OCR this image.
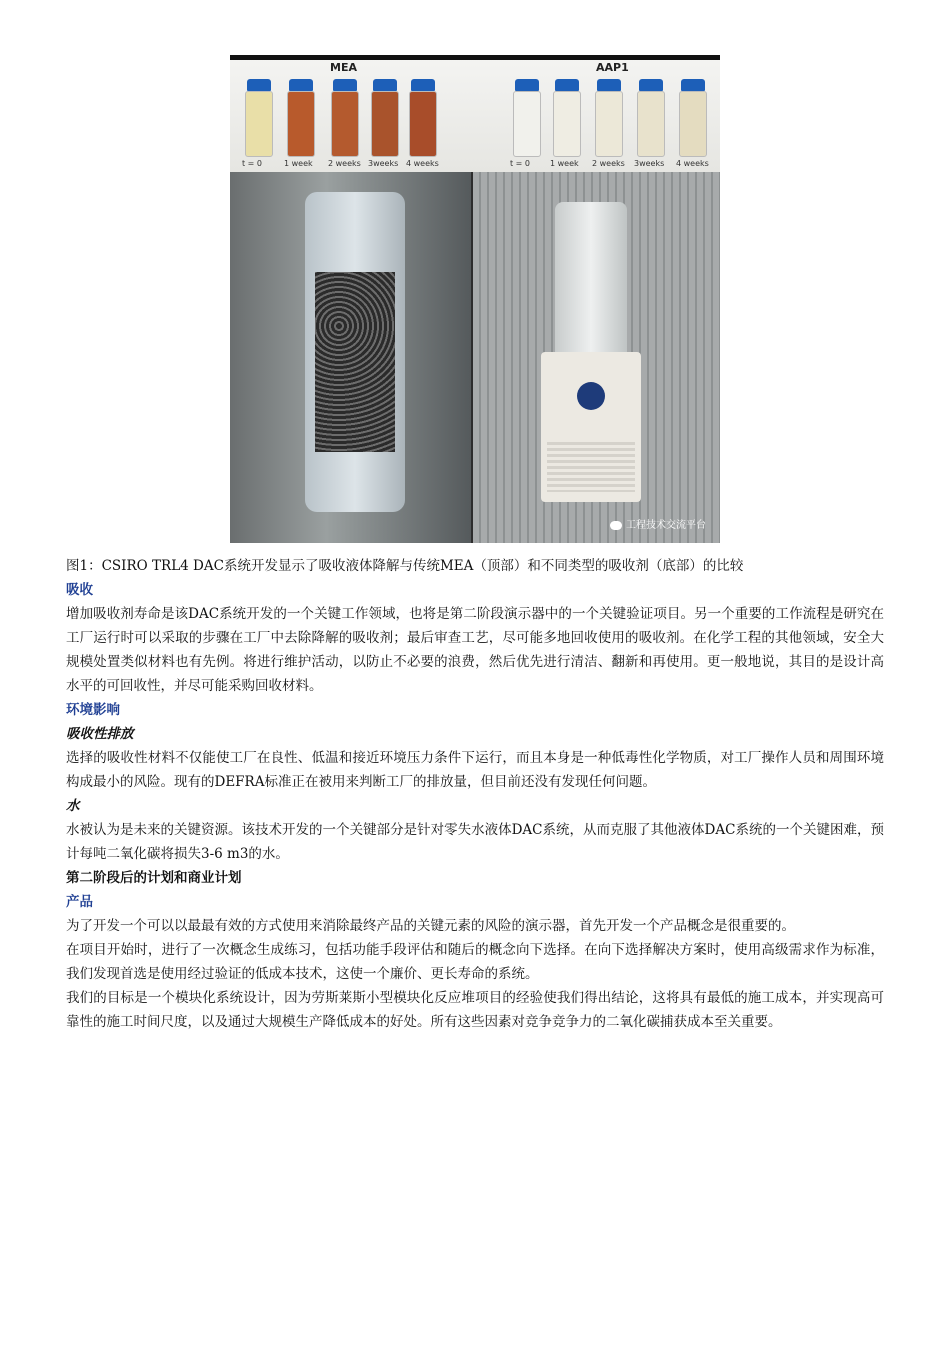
MEA	AAP1
t = 0	1 week 2 weeks 3weeks 4 weeks	t = 0 1 week 2 weeks 3weeks 4 weeks
工程技术交流平台
图1：CSIRO TRL4 DAC系统开发显示了吸收液体降解与传统MEA（顶部）和不同类型的吸收剂（底部）的比较
吸收

增加吸收剂寿命是该DAC系统开发的一个关键工作领域，也将是第二阶段演示器中的一个关键验证项目。另一个重要的工作流程是研究在工厂运行时可以采取的步骤在工厂中去除降解的吸收剂；最后审查工艺，尽可能多地回收使用的吸收剂。在化学工程的其他领域，安全大规模处置类似材料也有先例。将进行维护活动，以防止不必要的浪费，然后优先进行清洁、翻新和再使用。更一般地说，其目的是设计高水平的可回收性，并尽可能采购回收材料。

环境影响
吸收性排放

选择的吸收性材料不仅能使工厂在良性、低温和接近环境压力条件下运行，而且本身是一种低毒性化学物质，对工厂操作人员和周围环境构成最小的风险。现有的DEFRA标准正在被用来判断工厂的排放量，但目前还没有发现任何问题。

水

水被认为是未来的关键资源。该技术开发的一个关键部分是针对零失水液体DAC系统，从而克服了其他液体DAC系统的一个关键困难，预计每吨二氧化碳将损失3-6 m3的水。

第二阶段后的计划和商业计划
产品

为了开发一个可以以最最有效的方式使用来消除最终产品的关键元素的风险的演示器，首先开发一个产品概念是很重要的。

在项目开始时，进行了一次概念生成练习，包括功能手段评估和随后的概念向下选择。在向下选择解决方案时，使用高级需求作为标准，我们发现首选是使用经过验证的低成本技术，这使一个廉价、更长寿命的系统。

我们的目标是一个模块化系统设计，因为劳斯莱斯小型模块化反应堆项目的经验使我们得出结论，这将具有最低的施工成本，并实现高可靠性的施工时间尺度，以及通过大规模生产降低成本的好处。所有这些因素对竞争竞争力的二氧化碳捕获成本至关重要。
